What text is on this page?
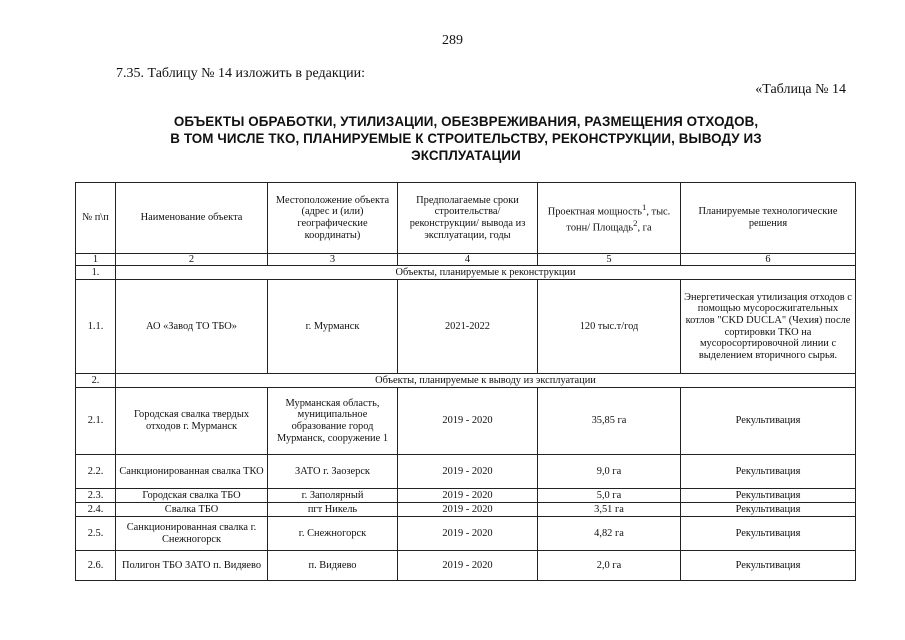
289
7.35. Таблицу № 14 изложить в редакции:
«Таблица № 14
ОБЪЕКТЫ ОБРАБОТКИ, УТИЛИЗАЦИИ, ОБЕЗВРЕЖИВАНИЯ, РАЗМЕЩЕНИЯ ОТХОДОВ,
В ТОМ ЧИСЛЕ ТКО, ПЛАНИРУЕМЫЕ К СТРОИТЕЛЬСТВУ, РЕКОНСТРУКЦИИ, ВЫВОДУ ИЗ
ЭКСПЛУАТАЦИИ
№ п\п	Наименование объекта	Местоположение объекта (адрес и (или) географические координаты)	Предполагаемые сроки строительства/ реконструкции/ вывода из эксплуатации, годы	Проектная мощность$^1$, тыс. тонн/ Площадь$^2$, га	Планируемые технологические решения
1	2	3	4	5	6
1.	Объекты, планируемые к реконструкции				
1.1.	АО «Завод ТО ТБО»	г. Мурманск	2021-2022	120 тыс.т/год	Энергетическая утилизация отходов с помощью мусоросжигательных котлов "CKD DUCLA" (Чехия) после сортировки ТКО на мусоросортировочной линии с выделением вторичного сырья.
2.	Объекты, планируемые к выводу из эксплуатации				
2.1.	Городская свалка твердых отходов г. Мурманск	Мурманская область, муниципальное образование город Мурманск, сооружение 1	2019 - 2020	35,85 га	Рекультивация
2.2.	Санкционированная свалка ТКО	ЗАТО г. Заозерск	2019 - 2020	9,0 га	Рекультивация
2.3.	Городская свалка ТБО	г. Заполярный	2019 - 2020	5,0 га	Рекультивация
2.4.	Свалка ТБО	пгт Никель	2019 - 2020	3,51 га	Рекультивация
2.5.	Санкционированная свалка г. Снежногорск	г. Снежногорск	2019 - 2020	4,82 га	Рекультивация
2.6.	Полигон ТБО ЗАТО п. Видяево	п. Видяево	2019 - 2020	2,0 га	Рекультивация
